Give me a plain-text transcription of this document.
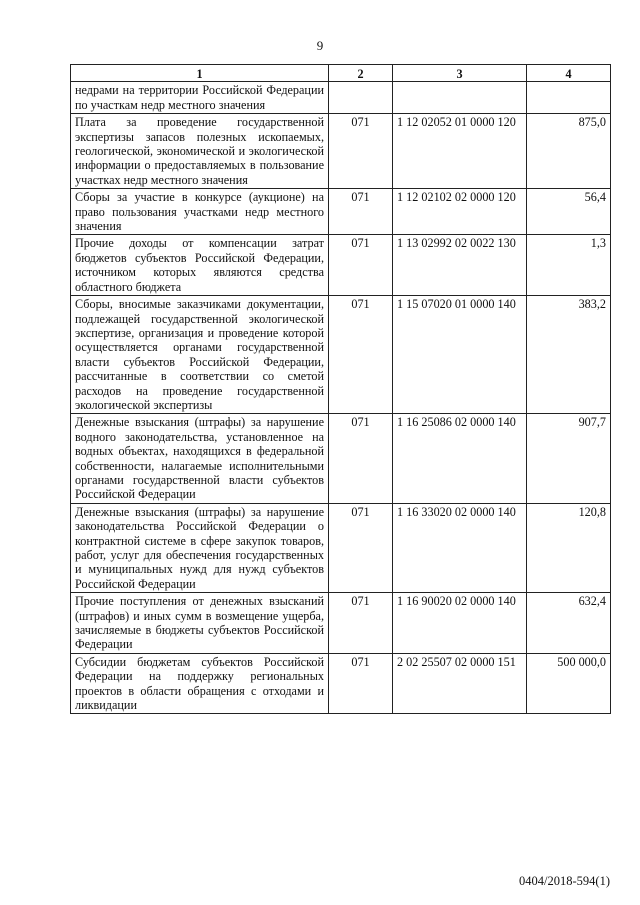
9
1	2	3	4
недрами на территории Российской Федерации по участкам недр местного значения			
Плата за проведение государственной экспертизы запасов полезных ископаемых, геологической, экономической и экологической информации о предоставляемых в пользование участках недр местного значения	071	1 12 02052 01 0000 120	875,0
Сборы за участие в конкурсе (аукционе) на право пользования участками недр местного значения	071	1 12 02102 02 0000 120	56,4
Прочие доходы от компенсации затрат бюджетов субъектов Российской Федерации, источником которых являются средства областного бюджета	071	1 13 02992 02 0022 130	1,3
Сборы, вносимые заказчиками документации, подлежащей государственной экологической экспертизе, организация и проведение которой осуществляется органами государственной власти субъектов Российской Федерации, рассчитанные в соответствии со сметой расходов на проведение государственной экологической экспертизы	071	1 15 07020 01 0000 140	383,2
Денежные взыскания (штрафы) за нарушение водного законодательства, установленное на водных объектах, находящихся в федеральной собственности, налагаемые исполнительными органами государственной власти субъектов Российской Федерации	071	1 16 25086 02 0000 140	907,7
Денежные взыскания (штрафы) за нарушение законодательства Российской Федерации о контрактной системе в сфере закупок товаров, работ, услуг для обеспечения государственных и муниципальных нужд для нужд субъектов Российской Федерации	071	1 16 33020 02 0000 140	120,8
Прочие поступления от денежных взысканий (штрафов) и иных сумм в возмещение ущерба, зачисляемые в бюджеты субъектов Российской Федерации	071	1 16 90020 02 0000 140	632,4
Субсидии бюджетам субъектов Российской Федерации на поддержку региональных проектов в области обращения с отходами и ликвидации	071	2 02 25507 02 0000 151	500 000,0
0404/2018-594(1)
